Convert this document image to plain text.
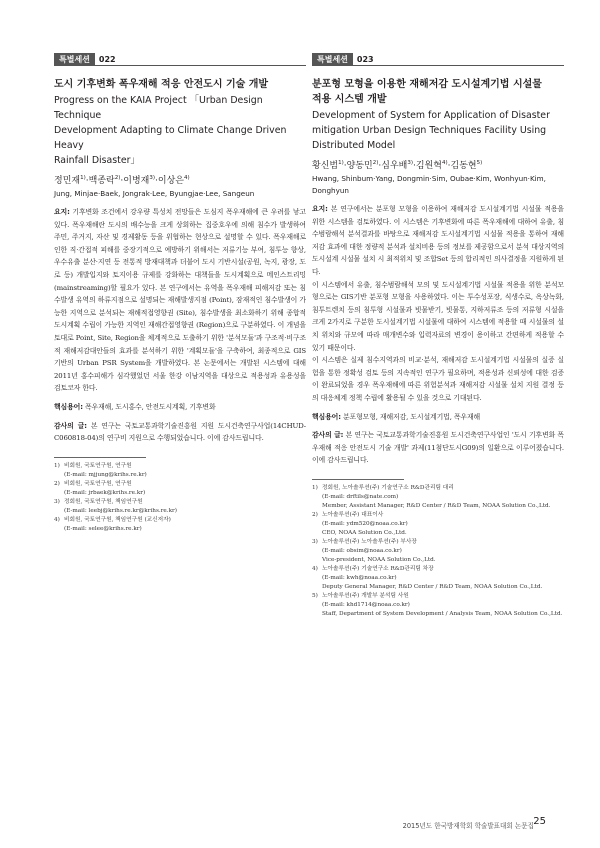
특별세션	022
도시 기후변화 폭우재해 적응 안전도시 기술 개발
Progress on the KAIA Project 「Urban Design Technique
Development Adapting to Climate Change Driven Heavy
Rainfall Disaster」
정민재$^{1)}$·백종락$^{2)}$·이병재$^{3)}$·이상은$^{4)}$
Jung, Minjae·Baek, Jongrak·Lee, Byungjae·Lee, Sangeun

요지: 기후변화 조건에서 강우량 특성치 전망들은 도심지 폭우재해에 큰 우려를 낳고 있다. 폭우재해란 도시의 배수능을 크게 상회하는 집중호우에 의해 침수가 발생하여 주민, 주거지, 자산 및 경제활동 등을 위협하는 현상으로 설명할 수 있다. 폭우재해로 인한 직·간접적 피해를 중장기적으로 예방하기 위해서는 저류기능 부여, 침투능 향상, 우수유출 분산·지연 등 전통적 방재대책과 더불어 도시 기반시설(공원, 녹지, 광장, 도로 등) 개발입지와 토지이용 규제를 강화하는 대책들을 도시계획으로 메인스트리밍(mainstreaming)할 필요가 있다. 본 연구에서는 유역을 폭우재해 피해저감 또는 침수발생 유역의 하류지점으로 설명되는 재해발생지점 (Point), 잠재적인 침수발생이 가능한 지역으로 분석되는 재해적접영향권 (Site), 침수발생을 최소화하기 위해 종합적 도시계획 수립이 가능한 지역인 재해간접영향권 (Region)으로 구분하였다. 이 개념을 토대로 Point, Site, Region을 체계적으로 도출하기 위한 '분석모듈'과 구조적·비구조적 재해저감대안들의 효과를 분석하기 위한 '계획모듈'을 구축하여, 최종적으로 GIS 기반의 Urban PSR System을 개발하였다. 본 논문에서는 개발된 시스템에 대해 2011년 홍수피해가 심각했었던 서울 한강 이남지역을 대상으로 적용성과 유용성을 검토코자 한다.

핵심용어: 폭우재해, 도시홍수, 안전도시계획, 기후변화

감사의 글: 본 연구는 국토교통과학기술진흥원 지원 도시건축연구사업(14CHUD-C060818-04)의 연구비 지원으로 수행되었습니다. 이에 감사드립니다.

1) 비회원, 국토연구원, 연구원
(E-mail: mjjung@krihs.re.kr)
2) 비회원, 국토연구원, 연구원
(E-mail: jrbaek@krihs.re.kr)
3) 정회원, 국토연구원, 책임연구원
(E-mail: leebj@krihs.re.kr@krihs.re.kr)
4) 비회원, 국토연구원, 책임연구원 (교신저자)
(E-mail: selee@krihs.re.kr)
특별세션	023
분포형 모형을 이용한 재해저감 도시설계기법 시설물
적용 시스템 개발
Development of System for Application of Disaster
mitigation Urban Design Techniques Facility Using
Distributed Model
황신범$^{1)}$·양동민$^{2)}$·심우배$^{3)}$·김원혁$^{4)}$·김동현$^{5)}$
Hwang, Shinbum·Yang, Dongmin·Sim, Oubae·Kim, Wonhyun·Kim, Donghyun

요지: 본 연구에서는 분포형 모형을 이용하여 재해저감 도시설계기법 시설물 적용을 위한 시스템을 검토하였다. 이 시스템은 기후변화에 따른 폭우재해에 대하여 유출, 침수범람해석 분석결과를 바탕으로 재해저감 도시설계기법 시설물 적용을 통하여 재해저감 효과에 대한 정량적 분석과 설치비용 등의 정보를 제공함으로서 분석 대상지역의 도시설계 시설물 설치 시 최적위치 및 조합Set 등의 합리적인 의사결정을 지원하게 된다.

이 시스템에서 유출, 침수범람해석 모의 및 도시설계기법 시설물 적용을 위한 분석모형으로는 GIS기반 분포형 모형을 사용하였다. 이는 투수성포장, 식생수로, 옥상녹화, 침투트렌치 등의 침투형 시설물과 빗물받기, 빗물통, 지하저류조 등의 저류형 시설을 크게 2가지로 구분한 도시설계기법 시설물에 대하여 시스템에 적용할 때 시설물의 설치 위치와 규모에 따라 매개변수와 입력자료의 변경이 용이하고 간편하게 적용할 수 있기 때문이다.

이 시스템은 실제 침수지역과의 비교·분석, 재해저감 도시설계기법 시설물의 실증 실험을 통한 정확성 검토 등의 지속적인 연구가 필요하며, 적용성과 신뢰성에 대한 검증이 완료되었을 경우 폭우재해에 따른 위험분석과 재해저감 시설물 설치 지원 결정 등의 대응체계 정책 수립에 활용될 수 있을 것으로 기대된다.

핵심용어: 분포형모형, 재해저감, 도시설계기법, 폭우재해

감사의 글: 본 연구는 국토교통과학기술진흥원 도시건축연구사업인 '도시 기후변화 폭우재해 적응 안전도시 기술 개발' 과제(11첨단도시G09)의 일환으로 이루어졌습니다. 이에 감사드립니다.

1) 정회원, 노아솔루션(주) 기술연구소 R&D관리팀 대리
(E-mail: drftils@nate.com)
Member, Assistant Manager, R&D Center / R&D Team, NOAA Solution Co.,Ltd.
2) 노아솔루션(주) 대표이사
(E-mail: ydm520@noaa.co.kr)
CEO, NOAA Solution Co.,Ltd.
3) 노아솔루션(주) 노아솔루션(주) 부사장
(E-mail: obsim@noaa.co.kr)
Vice-president, NOAA Solution Co.,Ltd.
4) 노아솔루션(주) 기술연구소 R&D관리팀 차장
(E-mail: kwh@noaa.co.kr)
Deputy General Manager, R&D Center / R&D Team, NOAA Solution Co.,Ltd.
5) 노아솔루션(주) 개발부 분석팀 사원
(E-mail: khd1714@noaa.co.kr)
Staff, Department of System Development / Analysis Team, NOAA Solution Co.,Ltd.
2015년도 한국방재학회 학술발표대회 논문집 25
